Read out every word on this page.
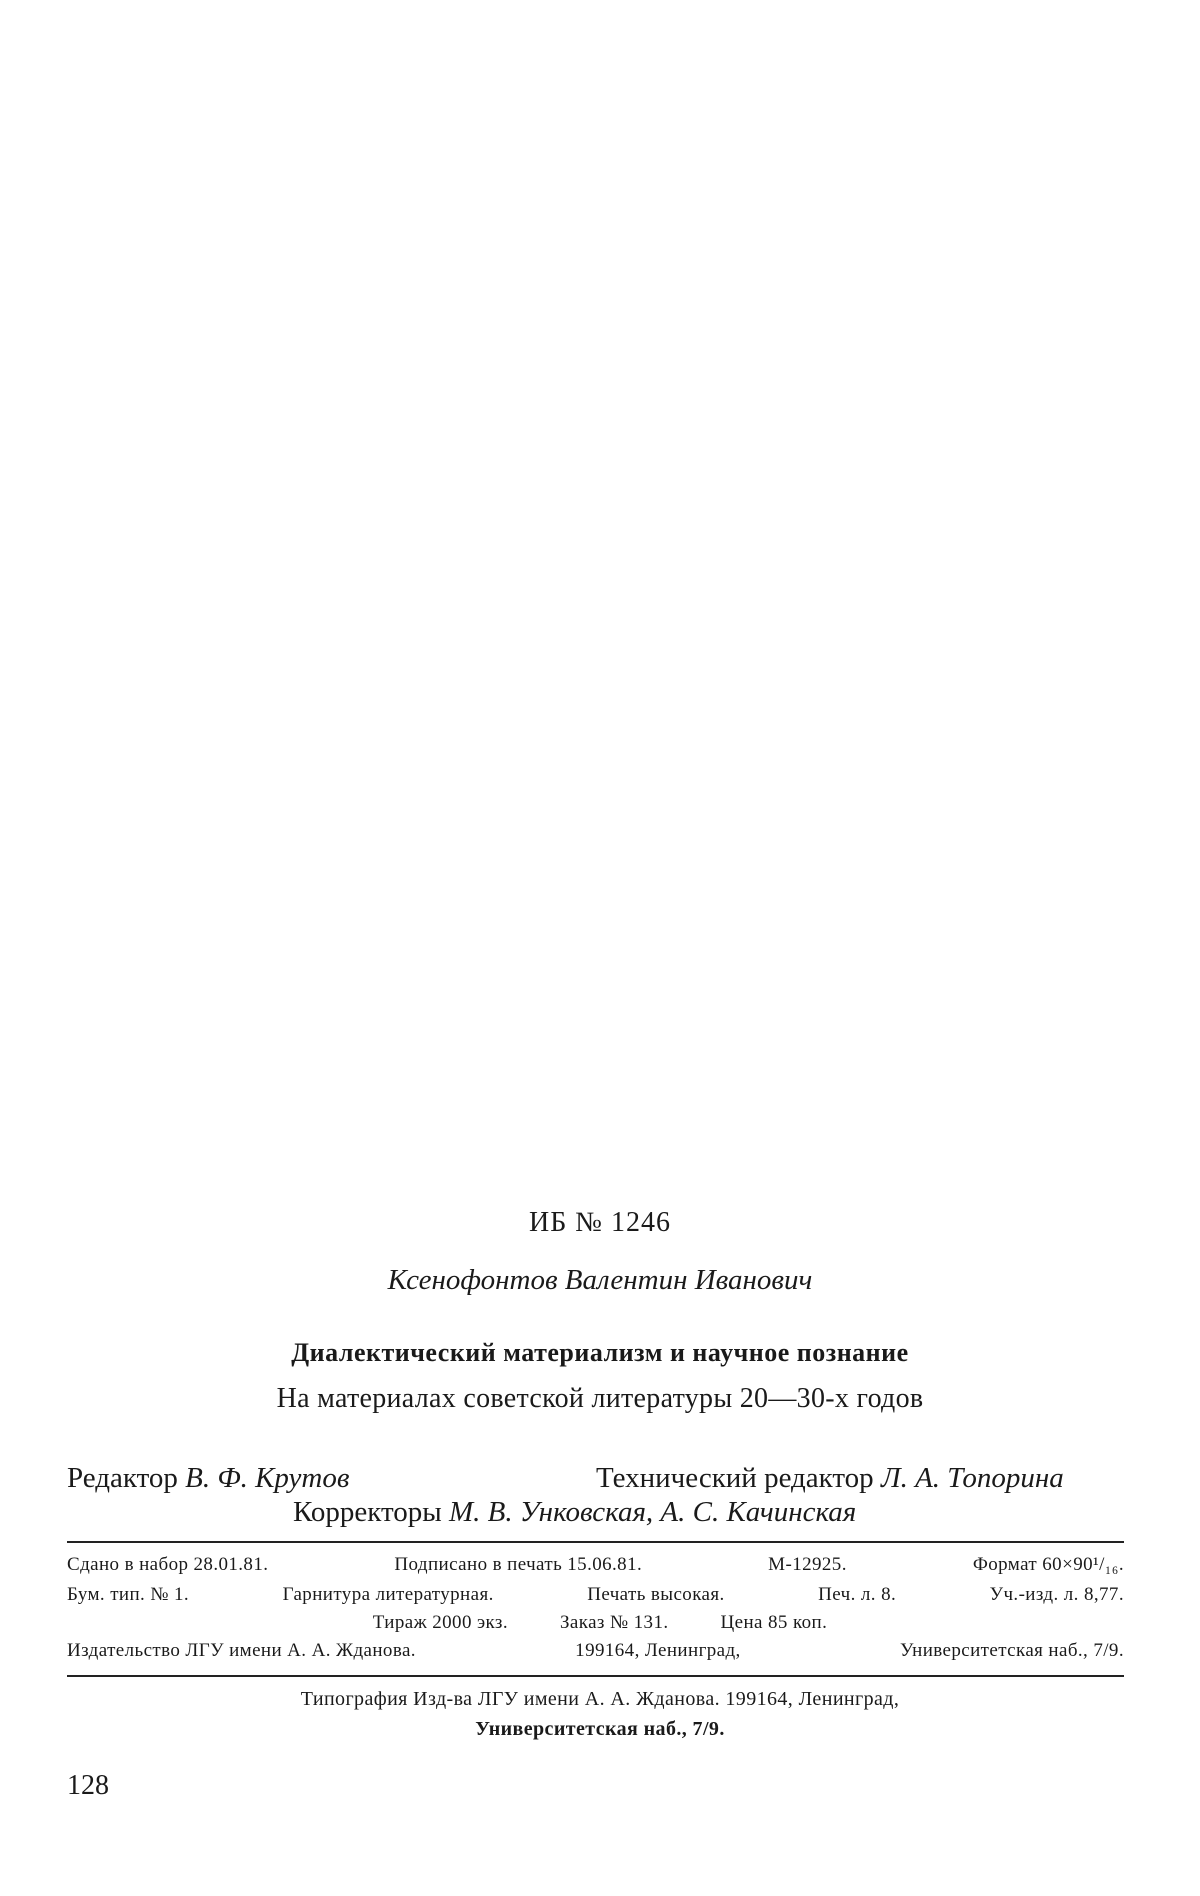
ИБ № 1246
Ксенофонтов Валентин Иванович
Диалектический материализм и научное познание
На материалах советской литературы 20—30-х годов
Редактор В. Ф. Крутов	Технический редактор Л. А. Топорина
Корректоры М. В. Унковская, А. С. Качинская
Сдано в набор 28.01.81.	Подписано в печать 15.06.81.	М-12925.	Формат 60×90¹/₁₆.
Бум. тип. № 1.	Гарнитура литературная.	Печать высокая.	Печ. л. 8.	Уч.-изд. л. 8,77.
Тираж 2000 экз.	Заказ № 131.	Цена 85 коп.
Издательство ЛГУ имени А. А. Жданова.	199164, Ленинград,	Университетская наб., 7/9.
Типография Изд-ва ЛГУ имени А. А. Жданова. 199164, Ленинград,
Университетская наб., 7/9.
128
